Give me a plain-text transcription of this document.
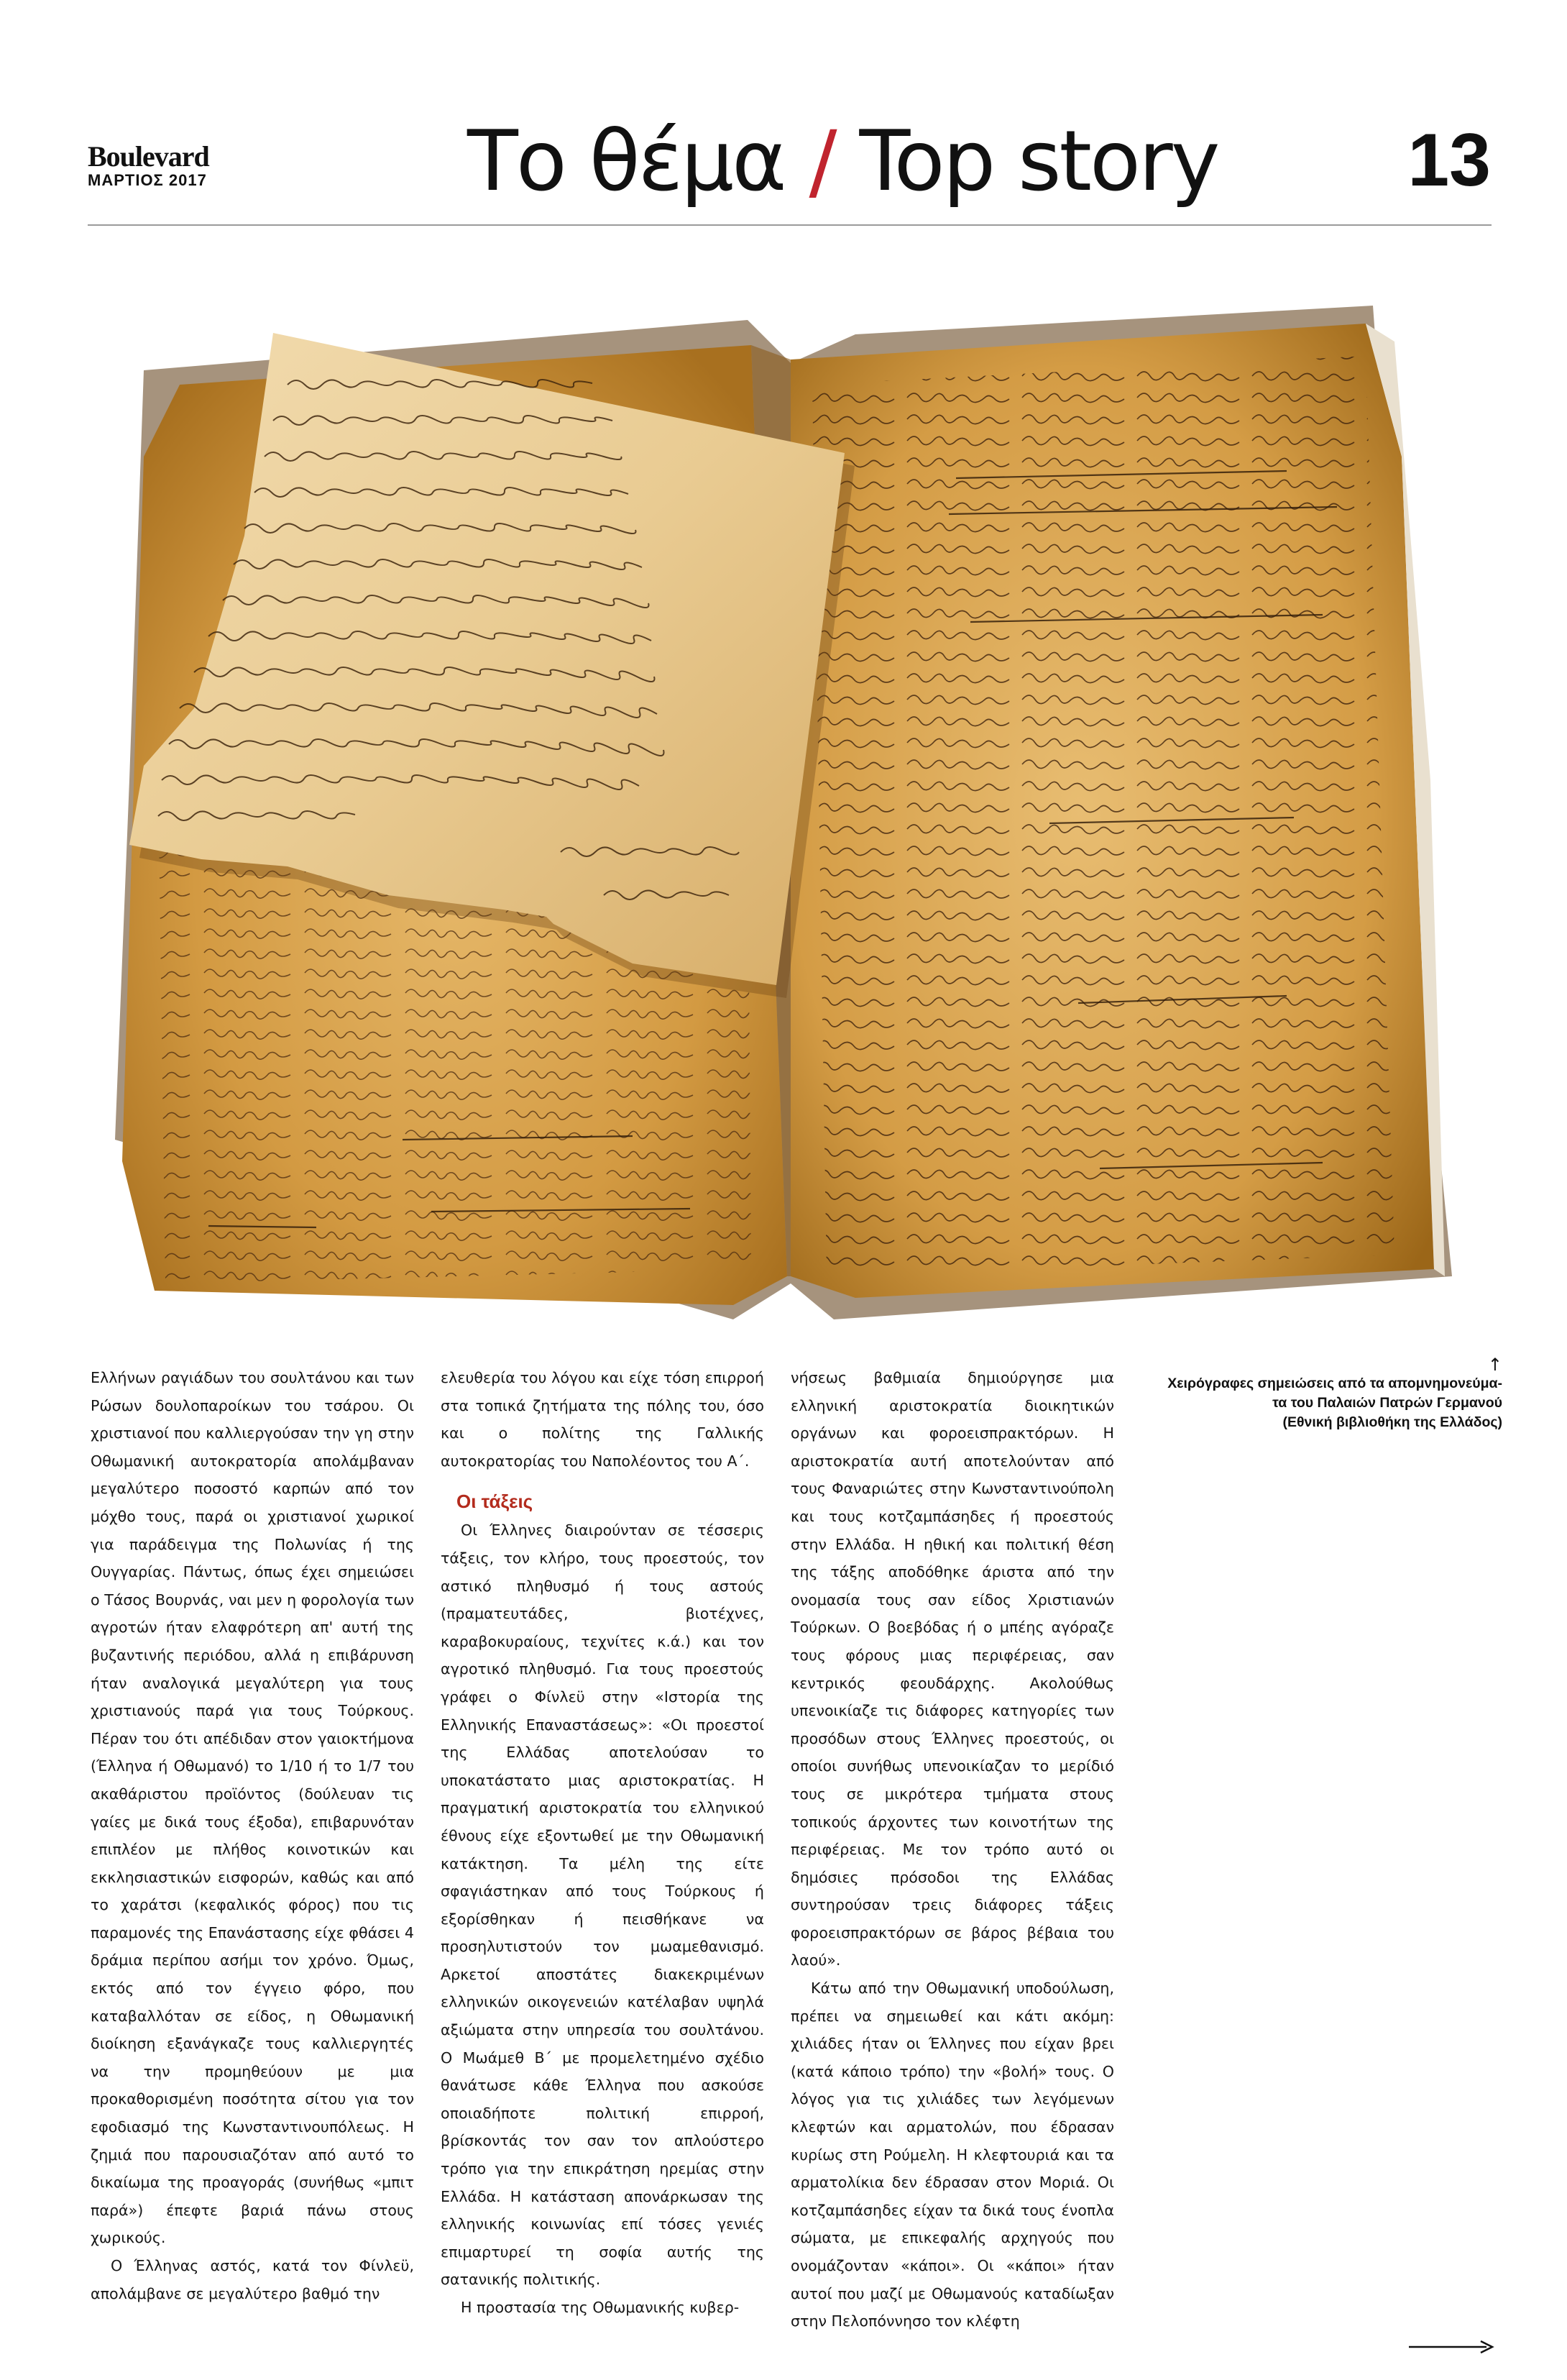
Boulevard
ΜΑΡΤΙΟΣ 2017	Το θέμα / Top story	13
↑
Χειρόγραφες σημειώσεις από τα απομνημονεύμα-
τα του Παλαιών Πατρών Γερμανού
(Εθνική βιβλιοθήκη της Ελλάδος)

Ελλήνων ραγιάδων του σουλτάνου και των Ρώσων δουλοπαροίκων του τσάρου. Οι χριστιανοί που καλλιεργούσαν την γη στην Οθωμανική αυτοκρατορία απολάμβαναν μεγαλύτερο ποσοστό καρπών από τον μόχθο τους, παρά οι χριστιανοί χωρικοί για παράδειγμα της Πολωνίας ή της Ουγγαρίας. Πάντως, όπως έχει σημειώσει ο Τάσος Βουρνάς, ναι μεν η φορολογία των αγροτών ήταν ελαφρότερη απ' αυτή της βυζαντινής περιόδου, αλλά η επιβάρυνση ήταν αναλογικά μεγαλύτερη για τους χριστιανούς παρά για τους Τούρκους. Πέραν του ότι απέδιδαν στον γαιοκτήμονα (Έλληνα ή Οθωμανό) το 1/10 ή το 1/7 του ακαθάριστου προϊόντος (δούλευαν τις γαίες με δικά τους έξοδα), επιβαρυνόταν επιπλέον με πλήθος κοινοτικών και εκκλησιαστικών εισφορών, καθώς και από το χαράτσι (κεφαλικός φόρος) που τις παραμονές της Επανάστασης είχε φθάσει 4 δράμια περίπου ασήμι τον χρόνο. Όμως, εκτός από τον έγγειο φόρο, που καταβαλλόταν σε είδος, η Οθωμανική διοίκηση εξανάγκαζε τους καλλιεργητές να την προμηθεύουν με μια προκαθορισμένη ποσότητα σίτου για τον εφοδιασμό της Κωνσταντινουπόλεως. Η ζημιά που παρουσιαζόταν από αυτό το δικαίωμα της προαγοράς (συνήθως «μπιτ παρά») έπεφτε βαριά πάνω στους χωρικούς.

Ο Έλληνας αστός, κατά τον Φίνλεϋ, απολάμβανε σε μεγαλύτερο βαθμό την

ελευθερία του λόγου και είχε τόση επιρροή στα τοπικά ζητήματα της πόλης του, όσο και ο πολίτης της Γαλλικής αυτοκρατορίας του Ναπολέοντος του Α΄.

Οι τάξεις

Οι Έλληνες διαιρούνταν σε τέσσερις τάξεις, τον κλήρο, τους προεστούς, τον αστικό πληθυσμό ή τους αστούς (πραματευτάδες, βιοτέχνες, καραβοκυραίους, τεχνίτες κ.ά.) και τον αγροτικό πληθυσμό. Για τους προεστούς γράφει ο Φίνλεϋ στην «Ιστορία της Ελληνικής Επαναστάσεως»: «Οι προεστοί της Ελλάδας αποτελούσαν το υποκατάστατο μιας αριστοκρατίας. Η πραγματική αριστοκρατία του ελληνικού έθνους είχε εξοντωθεί με την Οθωμανική κατάκτηση. Τα μέλη της είτε σφαγιάστηκαν από τους Τούρκους ή εξορίσθηκαν ή πεισθήκανε να προσηλυτιστούν τον μωαμεθανισμό. Αρκετοί αποστάτες διακεκριμένων ελληνικών οικογενειών κατέλαβαν υψηλά αξιώματα στην υπηρεσία του σουλτάνου. Ο Μωάμεθ Β΄ με προμελετημένο σχέδιο θανάτωσε κάθε Έλληνα που ασκούσε οποιαδήποτε πολιτική επιρροή, βρίσκοντάς τον σαν τον απλούστερο τρόπο για την επικράτηση ηρεμίας στην Ελλάδα. Η κατάσταση απονάρκωσαν της ελληνικής κοινωνίας επί τόσες γενιές επιμαρτυρεί τη σοφία αυτής της σατανικής πολιτικής.

Η προστασία της Οθωμανικής κυβερ-

νήσεως βαθμιαία δημιούργησε μια ελληνική αριστοκρατία διοικητικών οργάνων και φοροεισπρακτόρων. Η αριστοκρατία αυτή αποτελούνταν από τους Φαναριώτες στην Κωνσταντινούπολη και τους κοτζαμπάσηδες ή προεστούς στην Ελλάδα. Η ηθική και πολιτική θέση της τάξης αποδόθηκε άριστα από την ονομασία τους σαν είδος Χριστιανών Τούρκων. Ο βοεβόδας ή ο μπέης αγόραζε τους φόρους μιας περιφέρειας, σαν κεντρικός φεουδάρχης. Ακολούθως υπενοικίαζε τις διάφορες κατηγορίες των προσόδων στους Έλληνες προεστούς, οι οποίοι συνήθως υπενοικίαζαν το μερίδιό τους σε μικρότερα τμήματα στους τοπικούς άρχοντες των κοινοτήτων της περιφέρειας. Με τον τρόπο αυτό οι δημόσιες πρόσοδοι της Ελλάδας συντηρούσαν τρεις διάφορες τάξεις φοροεισπρακτόρων σε βάρος βέβαια του λαού».

Κάτω από την Οθωμανική υποδούλωση, πρέπει να σημειωθεί και κάτι ακόμη: χιλιάδες ήταν οι Έλληνες που είχαν βρει (κατά κάποιο τρόπο) την «βολή» τους. Ο λόγος για τις χιλιάδες των λεγόμενων κλεφτών και αρματολών, που έδρασαν κυρίως στη Ρούμελη. Η κλεφτουριά και τα αρματολίκια δεν έδρασαν στον Μοριά. Οι κοτζαμπάσηδες είχαν τα δικά τους ένοπλα σώματα, με επικεφαλής αρχηγούς που ονομάζονταν «κάποι». Οι «κάποι» ήταν αυτοί που μαζί με Οθωμανούς καταδίωξαν στην Πελοπόννησο τον κλέφτη
